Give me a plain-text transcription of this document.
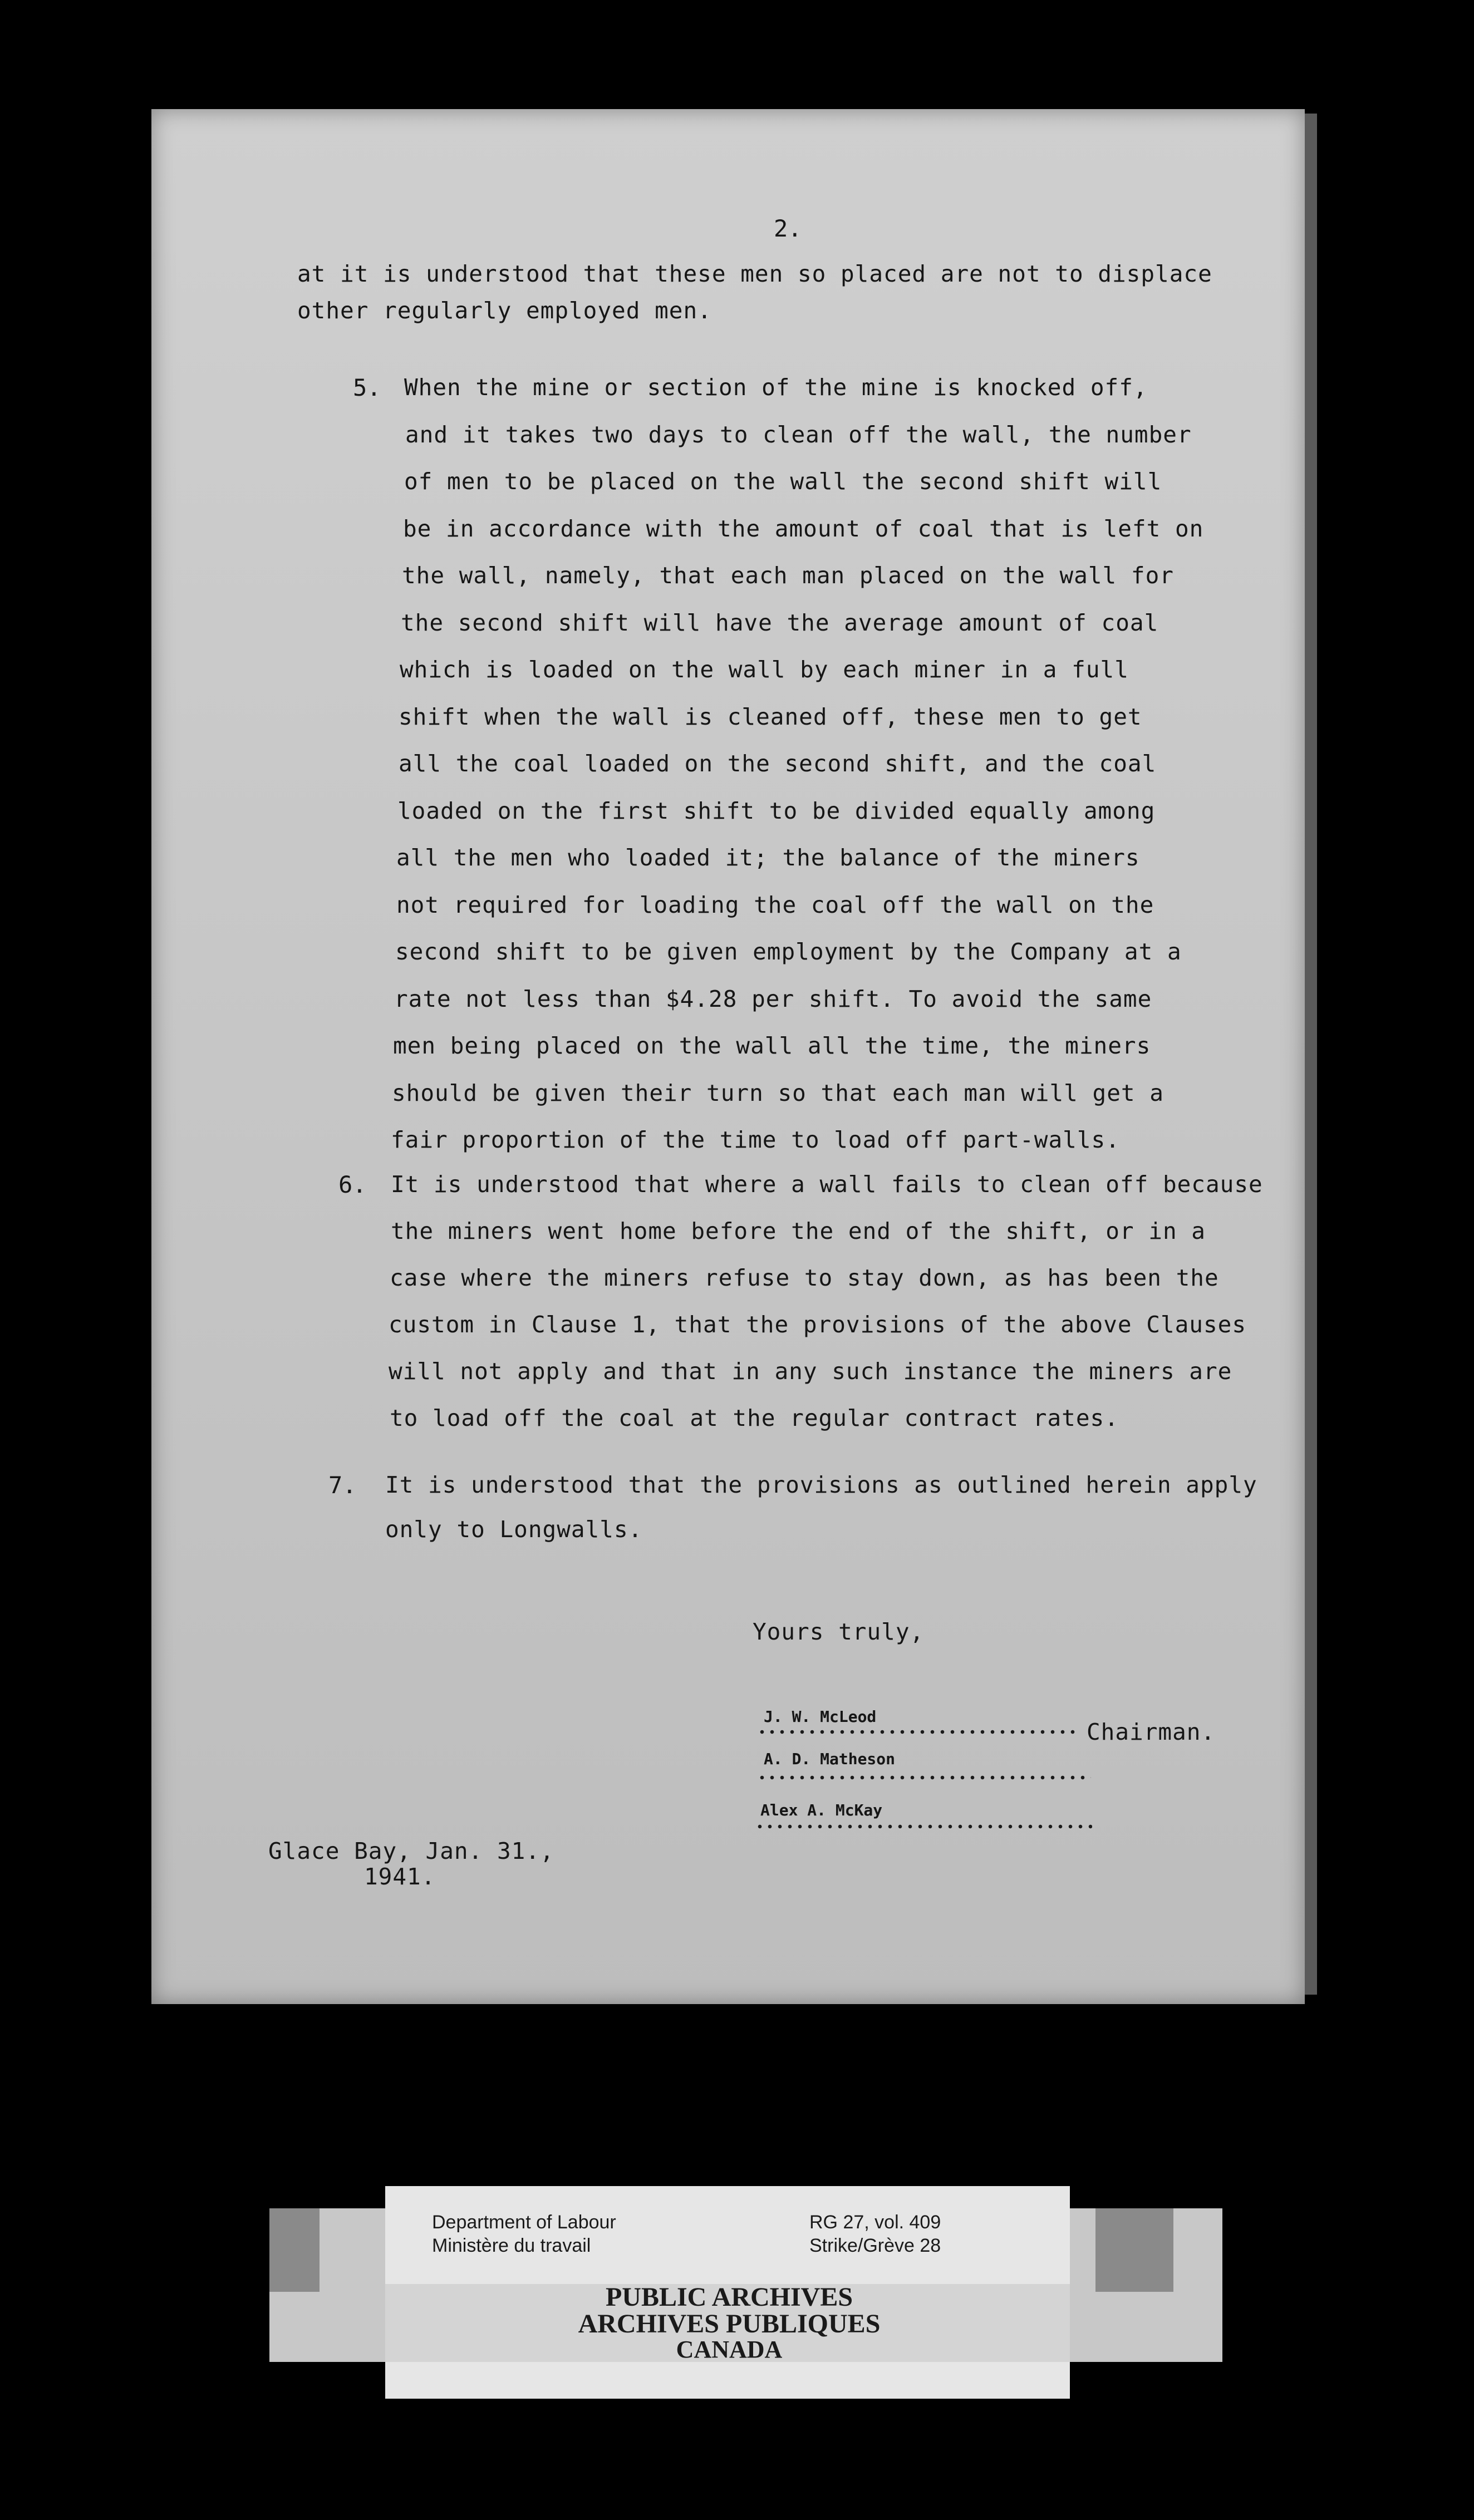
2.
at it is understood that these men so placed are not to displace
other regularly employed men.
5. When the mine or section of the mine is knocked off,
and it takes two days to clean off the wall, the number
of men to be placed on the wall the second shift will
be in accordance with the amount of coal that is left on
the wall, namely, that each man placed on the wall for
the second shift will have the average amount of coal
which is loaded on the wall by each miner in a full
shift when the wall is cleaned off, these men to get
all the coal loaded on the second shift, and the coal
loaded on the first shift to be divided equally among
all the men who loaded it; the balance of the miners
not required for loading the coal off the wall on the
second shift to be given employment by the Company at a
rate not less than $4.28 per shift. To avoid the same
men being placed on the wall all the time, the miners
should be given their turn so that each man will get a
fair proportion of the time to load off part-walls.
6. It is understood that where a wall fails to clean off because
the miners went home before the end of the shift, or in a
case where the miners refuse to stay down, as has been the
custom in Clause 1, that the provisions of the above Clauses
will not apply and that in any such instance the miners are
to load off the coal at the regular contract rates.
7. It is understood that the provisions as outlined herein apply
only to Longwalls.
Yours truly,
J. W. McLeod
Chairman.
A. D. Matheson
Alex A. McKay
Glace Bay, Jan. 31.,
1941.
Department of Labour
Ministère du travail
RG 27, vol. 409
Strike/Grève 28
PUBLIC ARCHIVES
ARCHIVES PUBLIQUES
CANADA
